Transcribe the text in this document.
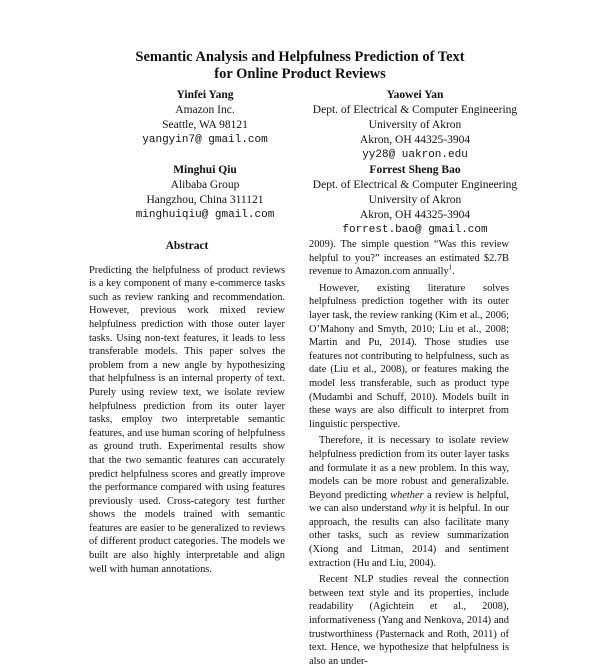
Semantic Analysis and Helpfulness Prediction of Text
for Online Product Reviews
Yinfei Yang
Amazon Inc.
Seattle, WA 98121
yangyin7@ gmail.com
Yaowei Yan
Dept. of Electrical & Computer Engineering
University of Akron
Akron, OH 44325-3904
yy28@ uakron.edu
Minghui Qiu
Alibaba Group
Hangzhou, China 311121
minghuiqiu@ gmail.com
Forrest Sheng Bao
Dept. of Electrical & Computer Engineering
University of Akron
Akron, OH 44325-3904
forrest.bao@ gmail.com
Abstract

Predicting the helpfulness of product reviews is a key component of many e-commerce tasks such as review ranking and recommendation. However, previous work mixed review helpfulness prediction with those outer layer tasks. Using non-text features, it leads to less transferable models. This paper solves the problem from a new angle by hypothesizing that helpfulness is an internal property of text. Purely using review text, we isolate review helpfulness prediction from its outer layer tasks, employ two interpretable semantic features, and use human scoring of helpfulness as ground truth. Experimental results show that the two semantic features can accurately predict helpfulness scores and greatly improve the performance compared with using features previously used. Cross-category test further shows the models trained with semantic features are easier to be generalized to reviews of different product categories. The models we built are also highly interpretable and align well with human annotations.

2009). The simple question “Was this review helpful to you?” increases an estimated $2.7B revenue to Amazon.com annually$^1$.

However, existing literature solves helpfulness prediction together with its outer layer task, the review ranking (Kim et al., 2006; O’Mahony and Smyth, 2010; Liu et al., 2008; Martin and Pu, 2014). Those studies use features not contributing to helpfulness, such as date (Liu et al., 2008), or features making the model less transferable, such as product type (Mudambi and Schuff, 2010). Models built in these ways are also difficult to interpret from linguistic perspective.

Therefore, it is necessary to isolate review helpfulness prediction from its outer layer tasks and formulate it as a new problem. In this way, models can be more robust and generalizable. Beyond predicting whether a review is helpful, we can also understand why it is helpful. In our approach, the results can also facilitate many other tasks, such as review summarization (Xiong and Litman, 2014) and sentiment extraction (Hu and Liu, 2004).

Recent NLP studies reveal the connection between text style and its properties, include readability (Agichtein et al., 2008), informativeness (Yang and Nenkova, 2014) and trustworthiness (Pasternack and Roth, 2011) of text. Hence, we hypothesize that helpfulness is also an under-
